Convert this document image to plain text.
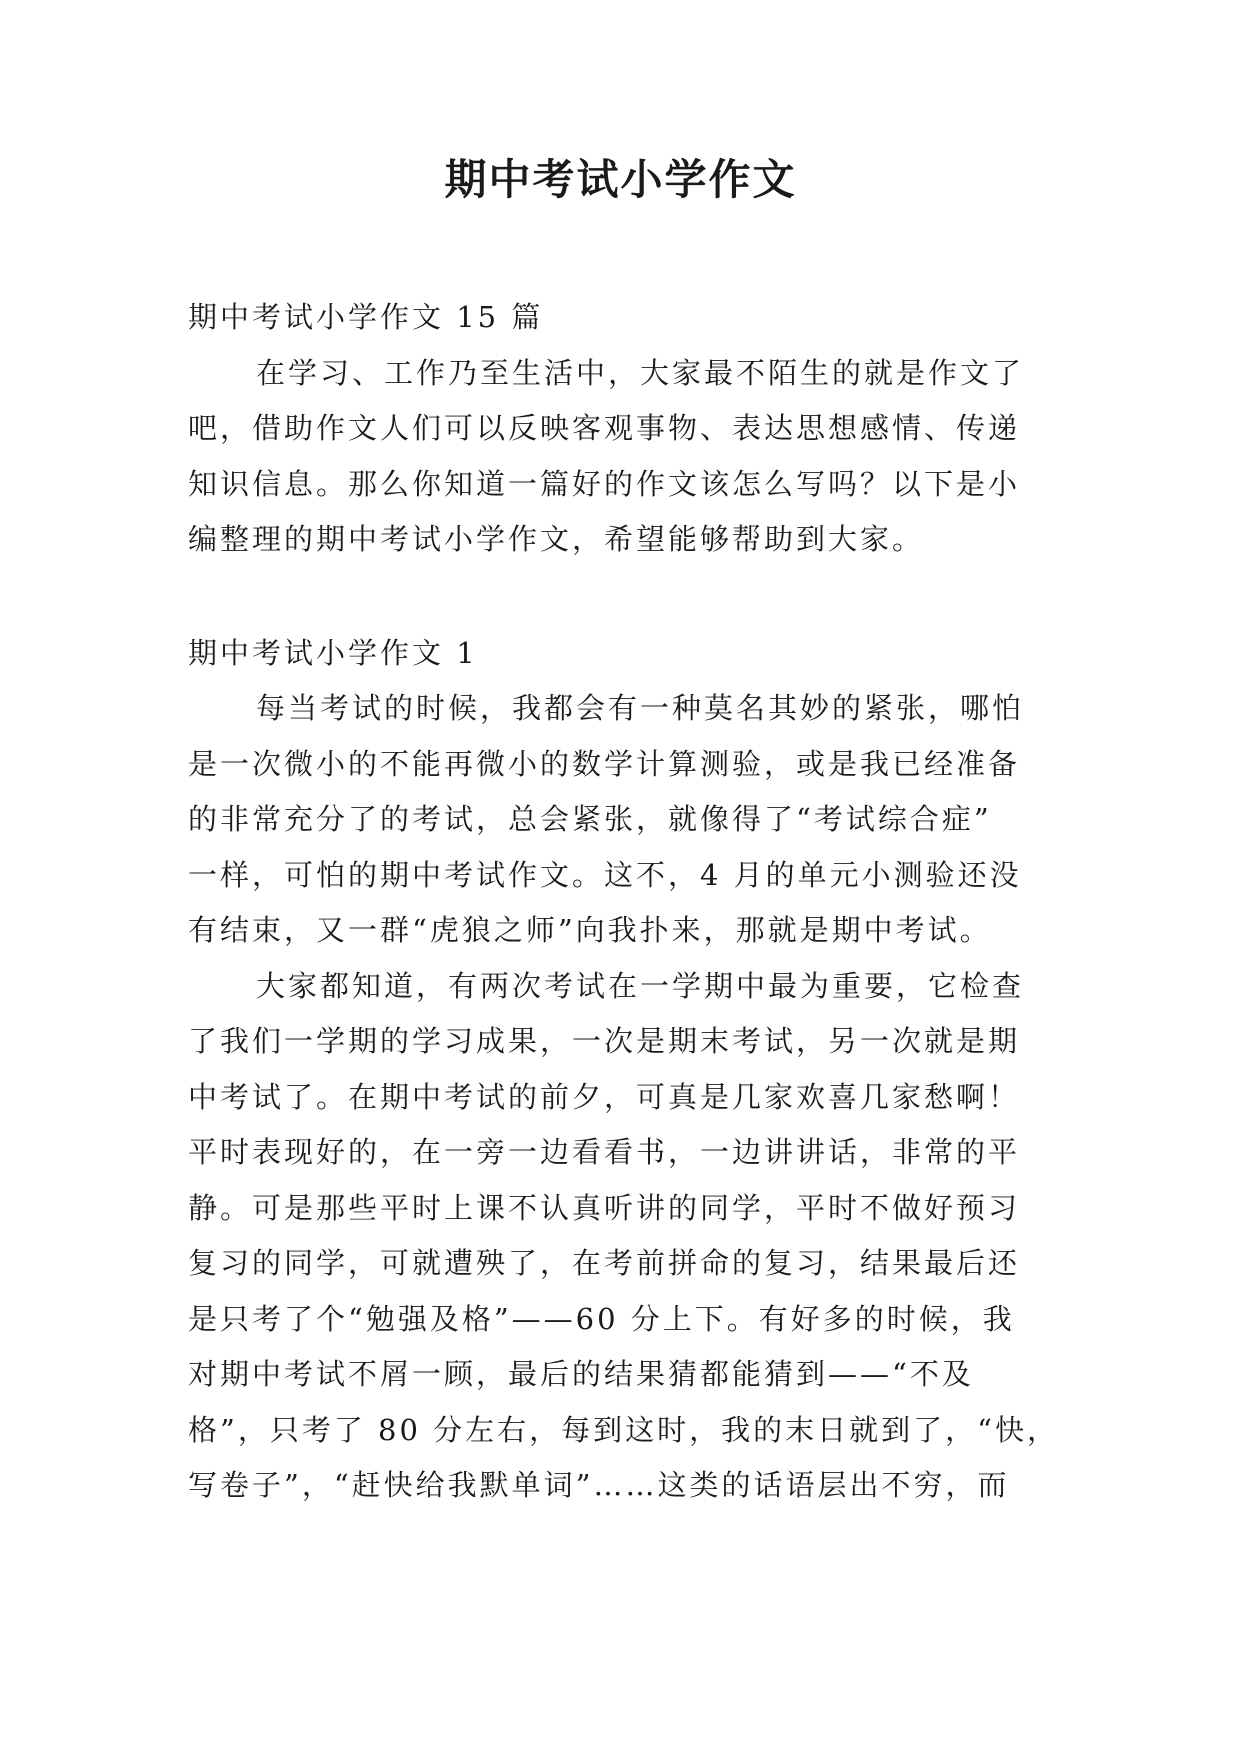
期中考试小学作文
期中考试小学作文 15 篇
在学习、工作乃至生活中，大家最不陌生的就是作文了
吧，借助作文人们可以反映客观事物、表达思想感情、传递
知识信息。那么你知道一篇好的作文该怎么写吗？以下是小
编整理的期中考试小学作文，希望能够帮助到大家。
期中考试小学作文 1
每当考试的时候，我都会有一种莫名其妙的紧张，哪怕
是一次微小的不能再微小的数学计算测验，或是我已经准备
的非常充分了的考试，总会紧张，就像得了“考试综合症”
一样，可怕的期中考试作文。这不，4 月的单元小测验还没
有结束，又一群“虎狼之师”向我扑来，那就是期中考试。
大家都知道，有两次考试在一学期中最为重要，它检查
了我们一学期的学习成果，一次是期末考试，另一次就是期
中考试了。在期中考试的前夕，可真是几家欢喜几家愁啊！
平时表现好的，在一旁一边看看书，一边讲讲话，非常的平
静。可是那些平时上课不认真听讲的同学，平时不做好预习
复习的同学，可就遭殃了，在考前拼命的复习，结果最后还
是只考了个“勉强及格”——60 分上下。有好多的时候，我
对期中考试不屑一顾，最后的结果猜都能猜到——“不及
格”，只考了 80 分左右，每到这时，我的末日就到了，“快，
写卷子”，“赶快给我默单词”……这类的话语层出不穷，而
